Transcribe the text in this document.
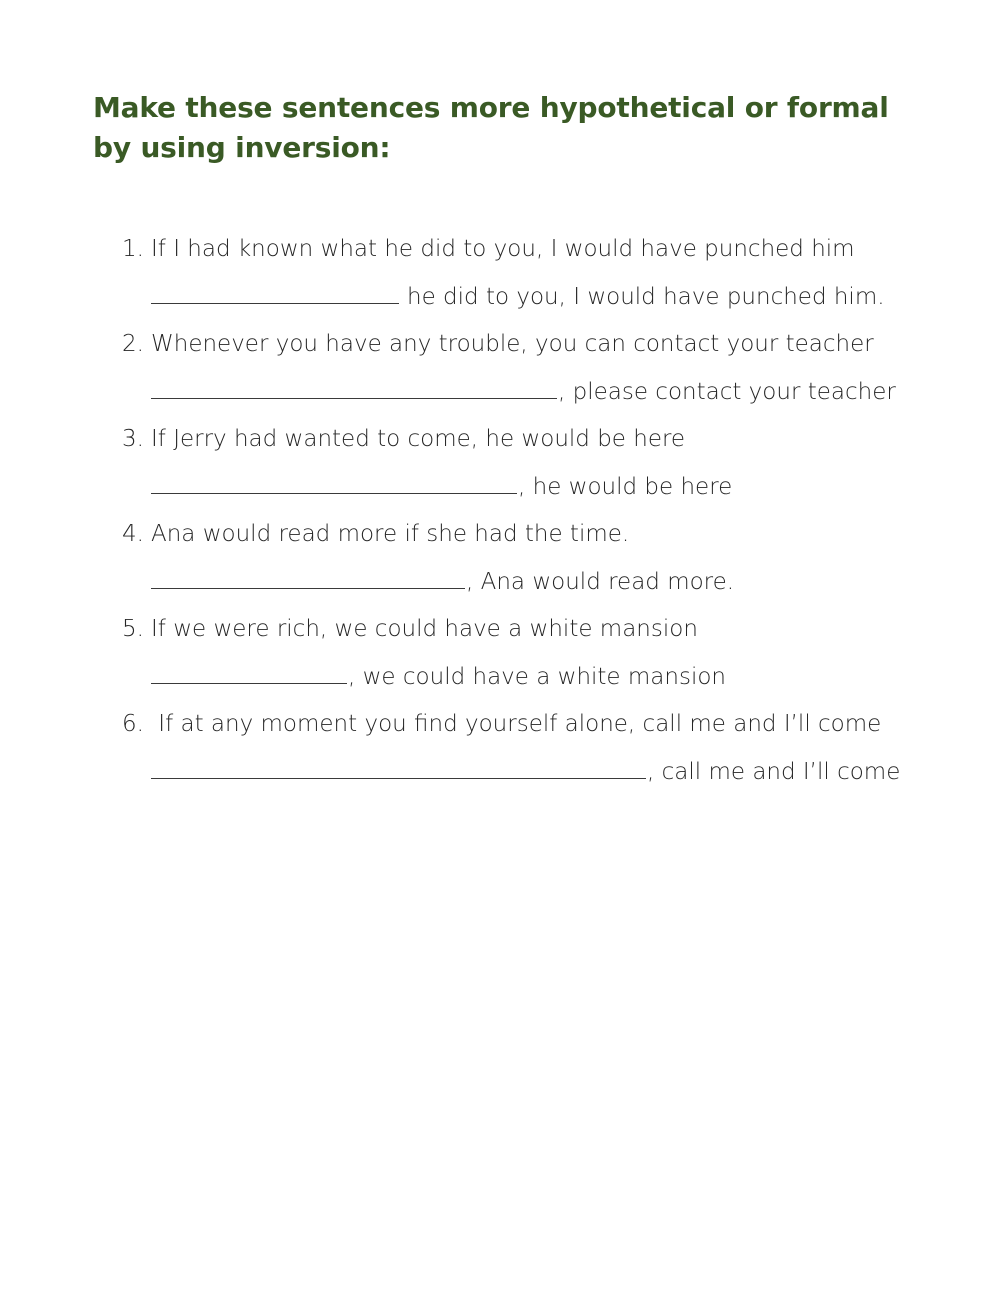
Make these sentences more hypothetical or formal by using inversion:
1. If I had known what he did to you, I would have punched him
he did to you, I would have punched him.
2. Whenever you have any trouble, you can contact your teacher
, please contact your teacher
3. If Jerry had wanted to come, he would be here
, he would be here
4. Ana would read more if she had the time.
, Ana would read more.
5. If we were rich, we could have a white mansion
, we could have a white mansion
6. If at any moment you find yourself alone, call me and I’ll come
, call me and I’ll come
